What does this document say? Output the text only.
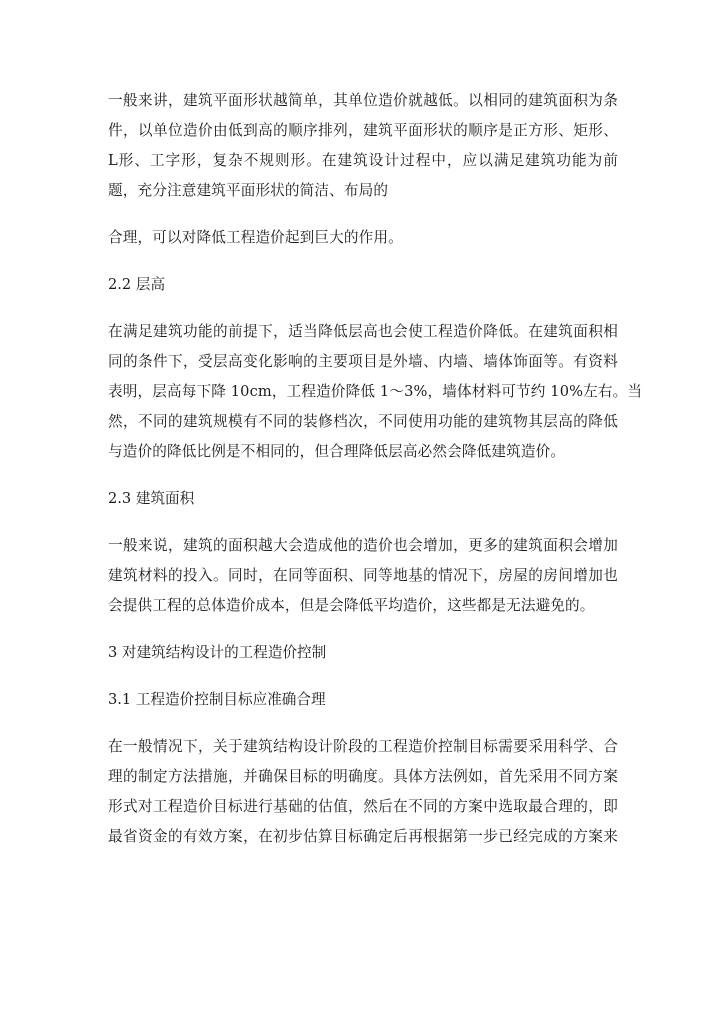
一般来讲，建筑平面形状越简单，其单位造价就越低。以相同的建筑面积为条
件，以单位造价由低到高的顺序排列，建筑平面形状的顺序是正方形、矩形、
L形、工字形，复杂不规则形。在建筑设计过程中，应以满足建筑功能为前
题，充分注意建筑平面形状的简洁、布局的
合理，可以对降低工程造价起到巨大的作用。

2.2 层高

在满足建筑功能的前提下，适当降低层高也会使工程造价降低。在建筑面积相
同的条件下，受层高变化影响的主要项目是外墙、内墙、墙体饰面等。有资料
表明，层高每下降 10cm，工程造价降低 1～3%，墙体材料可节约 10%左右。当
然，不同的建筑规模有不同的装修档次，不同使用功能的建筑物其层高的降低
与造价的降低比例是不相同的，但合理降低层高必然会降低建筑造价。

2.3 建筑面积

一般来说，建筑的面积越大会造成他的造价也会增加，更多的建筑面积会增加
建筑材料的投入。同时，在同等面积、同等地基的情况下，房屋的房间增加也
会提供工程的总体造价成本，但是会降低平均造价，这些都是无法避免的。

3 对建筑结构设计的工程造价控制

3.1 工程造价控制目标应准确合理

在一般情况下，关于建筑结构设计阶段的工程造价控制目标需要采用科学、合
理的制定方法措施，并确保目标的明确度。具体方法例如，首先采用不同方案
形式对工程造价目标进行基础的估值，然后在不同的方案中选取最合理的，即
最省资金的有效方案，在初步估算目标确定后再根据第一步已经完成的方案来
